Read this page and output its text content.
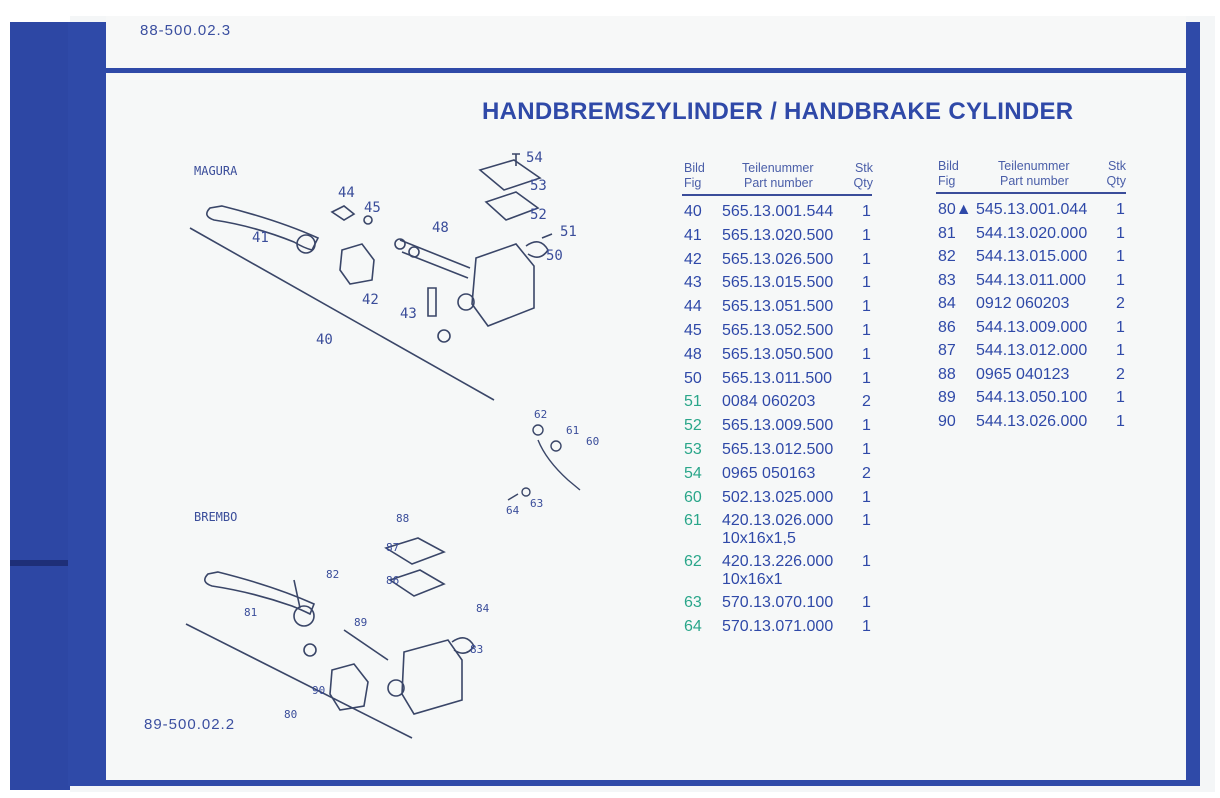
88-500.02.3
HANDBREMSZYLINDER / HANDBRAKE CYLINDER
MAGURA
BREMBO
54
53
52
51
50
48
45
44
43
42
41
40
62
61
60
64
63
88
87
86
82
81
89
84
83
90
80
Bild
Fig
Teilenummer
Part number
Stk
Qty
40 565.13.001.544 1
41 565.13.020.500 1
42 565.13.026.500 1
43 565.13.015.500 1
44 565.13.051.500 1
45 565.13.052.500 1
48 565.13.050.500 1
50 565.13.011.500 1
51 0084 060203	2
52 565.13.009.500 1
53 565.13.012.500 1
54 0965 050163	2
60 502.13.025.000 1
61 420.13.026.000 1
10x16x1,5
62 420.13.226.000 1
10x16x1
63 570.13.070.100 1
64 570.13.071.000 1
Bild
Fig
Teilenummer
Part number
Stk
Qty
80▲ 545.13.001.044 1
81 544.13.020.000 1
82 544.13.015.000 1
83 544.13.011.000 1
84 0912 060203	2
86 544.13.009.000 1
87 544.13.012.000 1
88 0965 040123	2
89 544.13.050.100 1
90 544.13.026.000 1
89-500.02.2
